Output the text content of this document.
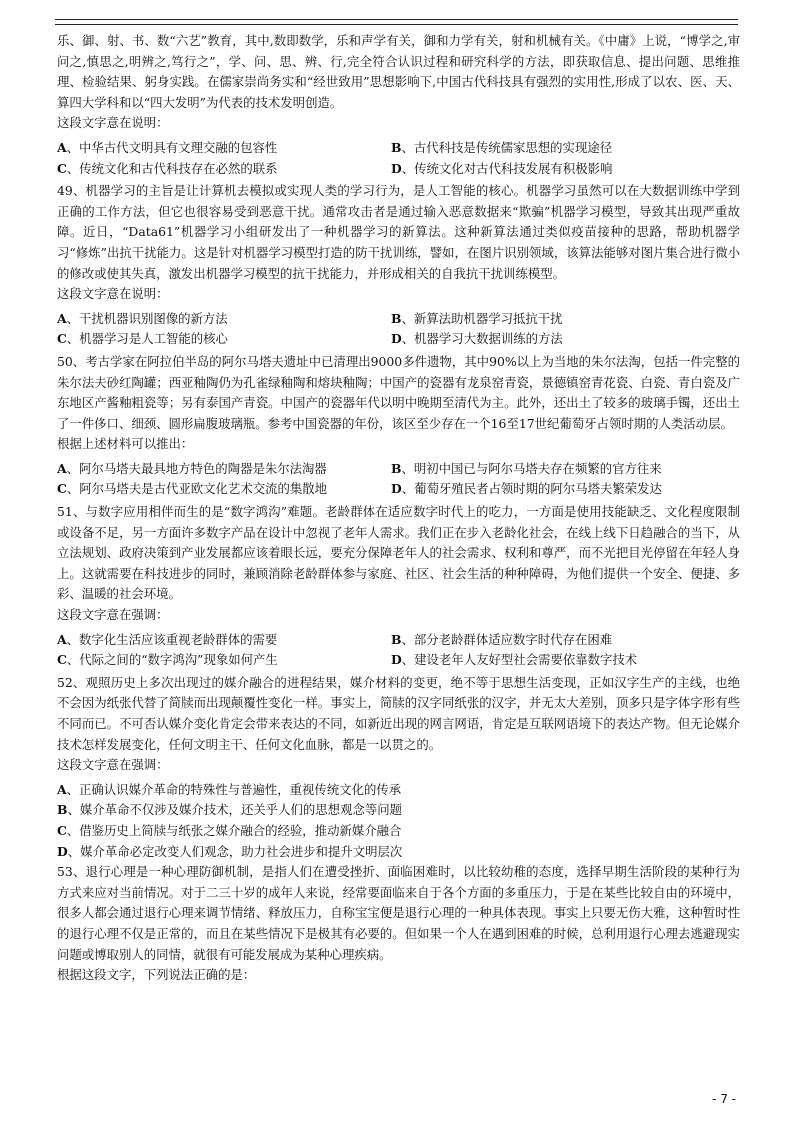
乐、御、射、书、数“六艺”教育，其中,数即数学，乐和声学有关，御和力学有关，射和机械有关。《中庸》上说，“博学之,审问之,慎思之,明辨之,笃行之”，学、问、思、辨、行,完全符合认识过程和研究科学的方法，即获取信息、提出问题、思维推理、检验结果、躬身实践。在儒家崇尚务实和“经世致用”思想影响下,中国古代科技具有强烈的实用性,形成了以农、医、天、算四大学科和以“四大发明”为代表的技术发明创造。

这段文字意在说明：

A、中华古代文明具有文理交融的包容性	B、古代科技是传统儒家思想的实现途径
C、传统文化和古代科技存在必然的联系	D、传统文化对古代科技发展有积极影响

49、机器学习的主旨是让计算机去模拟或实现人类的学习行为，是人工智能的核心。机器学习虽然可以在大数据训练中学到正确的工作方法，但它也很容易受到恶意干扰。通常攻击者是通过输入恶意数据来“欺骗”机器学习模型，导致其出现严重故障。近日，“Data61”机器学习小组研发出了一种机器学习的新算法。这种新算法通过类似疫苗接种的思路，帮助机器学习“修炼”出抗干扰能力。这是针对机器学习模型打造的防干扰训练，譬如，在图片识别领域，该算法能够对图片集合进行微小的修改或使其失真，激发出机器学习模型的抗干扰能力，并形成相关的自我抗干扰训练模型。

这段文字意在说明：

A、干扰机器识别图像的新方法	B、新算法助机器学习抵抗干扰
C、机器学习是人工智能的核心	D、机器学习大数据训练的方法

50、考古学家在阿拉伯半岛的阿尔马塔夫遗址中已清理出9000多件遗物，其中90%以上为当地的朱尔法淘，包括一件完整的朱尔法夫砂红陶罐；西亚釉陶仍为孔雀绿釉陶和熔块釉陶；中国产的瓷器有龙泉窑青瓷，景德镇窑青花瓷、白瓷、青白瓷及广东地区产酱釉粗瓷等；另有泰国产青瓷。中国产的瓷器年代以明中晚期至清代为主。此外，还出土了较多的玻璃手镯，还出土了一件侈口、细颈、圆形扁腹玻璃瓶。参考中国瓷器的年份，该区至少存在一个16至17世纪葡萄牙占领时期的人类活动层。

根据上述材料可以推出：

A、阿尔马塔夫最具地方特色的陶器是朱尔法淘器	B、明初中国已与阿尔马塔夫存在频繁的官方往来
C、阿尔马塔夫是古代亚欧文化艺术交流的集散地	D、葡萄牙殖民者占领时期的阿尔马塔夫繁荣发达

51、与数字应用相伴而生的是“数字鸿沟”难题。老龄群体在适应数字时代上的吃力，一方面是使用技能缺乏、文化程度限制或设备不足，另一方面许多数字产品在设计中忽视了老年人需求。我们正在步入老龄化社会，在线上线下日趋融合的当下，从立法规划、政府决策到产业发展都应该着眼长远，要充分保障老年人的社会需求、权利和尊严，而不光把目光停留在年轻人身上。这就需要在科技进步的同时，兼顾消除老龄群体参与家庭、社区、社会生活的种种障碍，为他们提供一个安全、便捷、多彩、温暖的社会环境。

这段文字意在强调：

A、数字化生活应该重视老龄群体的需要	B、部分老龄群体适应数字时代存在困难
C、代际之间的“数字鸿沟”现象如何产生	D、建设老年人友好型社会需要依靠数字技术

52、观照历史上多次出现过的媒介融合的进程结果，媒介材料的变更，绝不等于思想生活变现，正如汉字生产的主线，也绝不会因为纸张代替了简牍而出现颠覆性变化一样。事实上，简牍的汉字同纸张的汉字，并无太大差别，顶多只是字体字形有些不同而已。不可否认媒介变化肯定会带来表达的不同，如新近出现的网言网语，肯定是互联网语境下的表达产物。但无论媒介技术怎样发展变化，任何文明主干、任何文化血脉，都是一以贯之的。

这段文字意在强调：

A、正确认识媒介革命的特殊性与普遍性，重视传统文化的传承
B、媒介革命不仅涉及媒介技术，还关乎人们的思想观念等问题
C、借鉴历史上简牍与纸张之媒介融合的经验，推动新媒介融合
D、媒介革命必定改变人们观念，助力社会进步和提升文明层次

53、退行心理是一种心理防御机制，是指人们在遭受挫折、面临困难时，以比较幼稚的态度，选择早期生活阶段的某种行为方式来应对当前情况。对于二三十岁的成年人来说，经常要面临来自于各个方面的多重压力，于是在某些比较自由的环境中，很多人都会通过退行心理来调节情绪、释放压力，自称宝宝便是退行心理的一种具体表现。事实上只要无伤大雅，这种暂时性的退行心理不仅是正常的，而且在某些情况下是极其有必要的。但如果一个人在遇到困难的时候，总利用退行心理去逃避现实问题或博取别人的同情，就很有可能发展成为某种心理疾病。

根据这段文字，下列说法正确的是：

- 7 -
